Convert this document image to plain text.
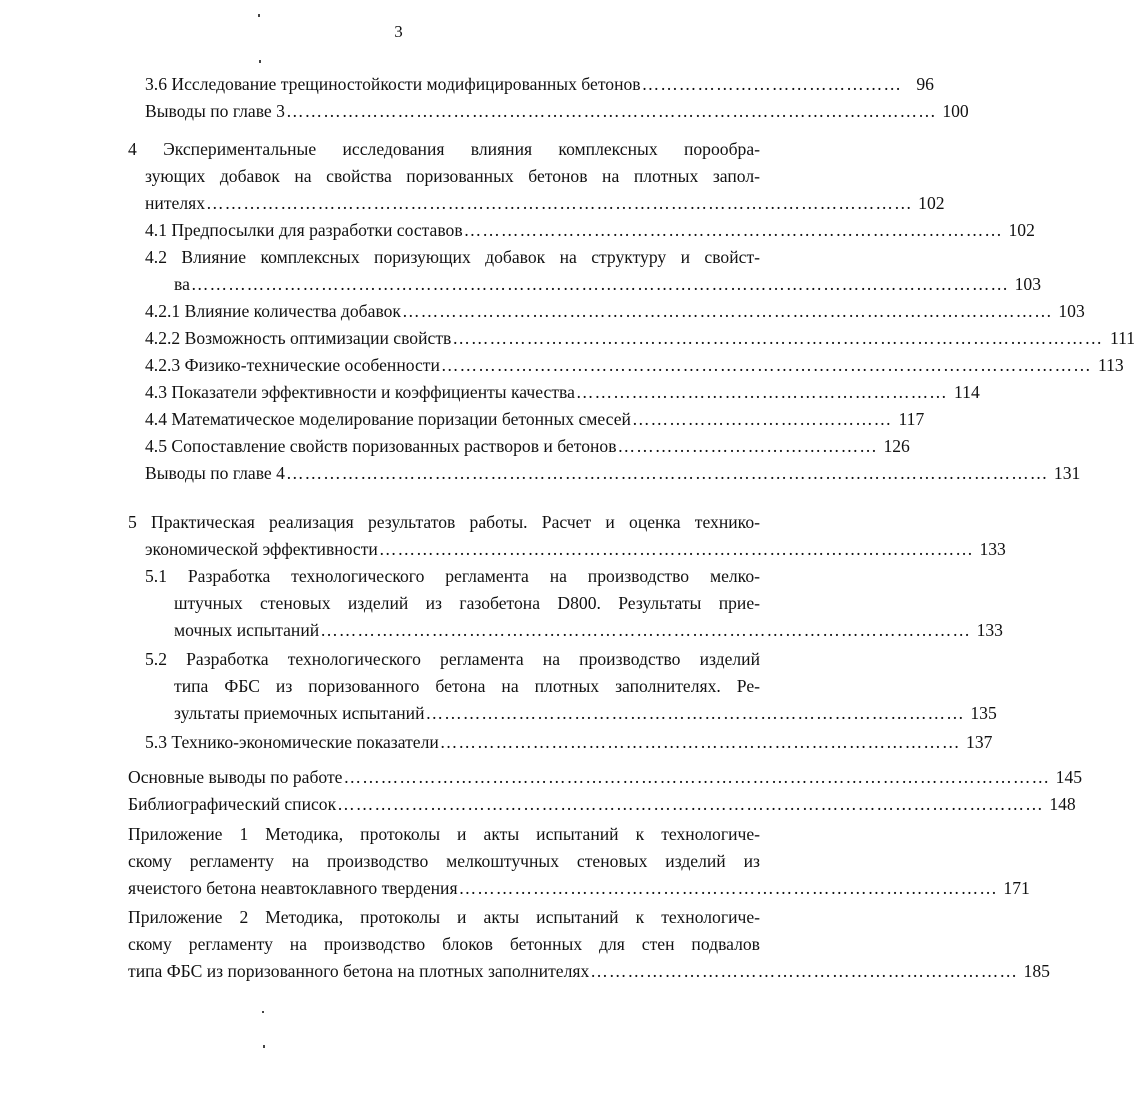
3
3.6 Исследование трещиностойкости модифицированных бетонов …………………………………… 96
Выводы по главе 3 …………………………………………………………………………………………… 100
4 Экспериментальные исследования влияния комплексных порообра-
зующих добавок на свойства поризованных бетонов на плотных запол-
нителях …………………………………………………………………………………………………… 102
4.1 Предпосылки для разработки составов …………………………………………………………………………… 102
4.2 Влияние комплексных поризующих добавок на структуру и свойст-
ва …………………………………………………………………………………………………………………… 103
4.2.1 Влияние количества добавок …………………………………………………………………………………………… 103
4.2.2 Возможность оптимизации свойств …………………………………………………………………………………………… 111
4.2.3 Физико-технические особенности …………………………………………………………………………………………… 113
4.3 Показатели эффективности и коэффициенты качества …………………………………………………… 114
4.4 Математическое моделирование поризации бетонных смесей …………………………………… 117
4.5 Сопоставление свойств поризованных растворов и бетонов …………………………………… 126
Выводы по главе 4 …………………………………………………………………………………………………………… 131
5 Практическая реализация результатов работы. Расчет и оценка технико-
экономической эффективности …………………………………………………………………………………… 133
5.1 Разработка технологического регламента на производство мелко-
штучных стеновых изделий из газобетона D800. Результаты прие-
мочных испытаний …………………………………………………………………………………………… 133
5.2 Разработка технологического регламента на производство изделий
типа ФБС из поризованного бетона на плотных заполнителях. Ре-
зультаты приемочных испытаний …………………………………………………………………………… 135
5.3 Технико-экономические показатели ………………………………………………………………………… 137
Основные выводы по работе …………………………………………………………………………………………………… 145
Библиографический список …………………………………………………………………………………………………… 148
Приложение 1 Методика, протоколы и акты испытаний к технологиче-
скому регламенту на производство мелкоштучных стеновых изделий из
ячеистого бетона неавтоклавного твердения …………………………………………………………………………… 171
Приложение 2 Методика, протоколы и акты испытаний к технологиче-
скому регламенту на производство блоков бетонных для стен подвалов
типа ФБС из поризованного бетона на плотных заполнителях …………………………………………………………… 185
